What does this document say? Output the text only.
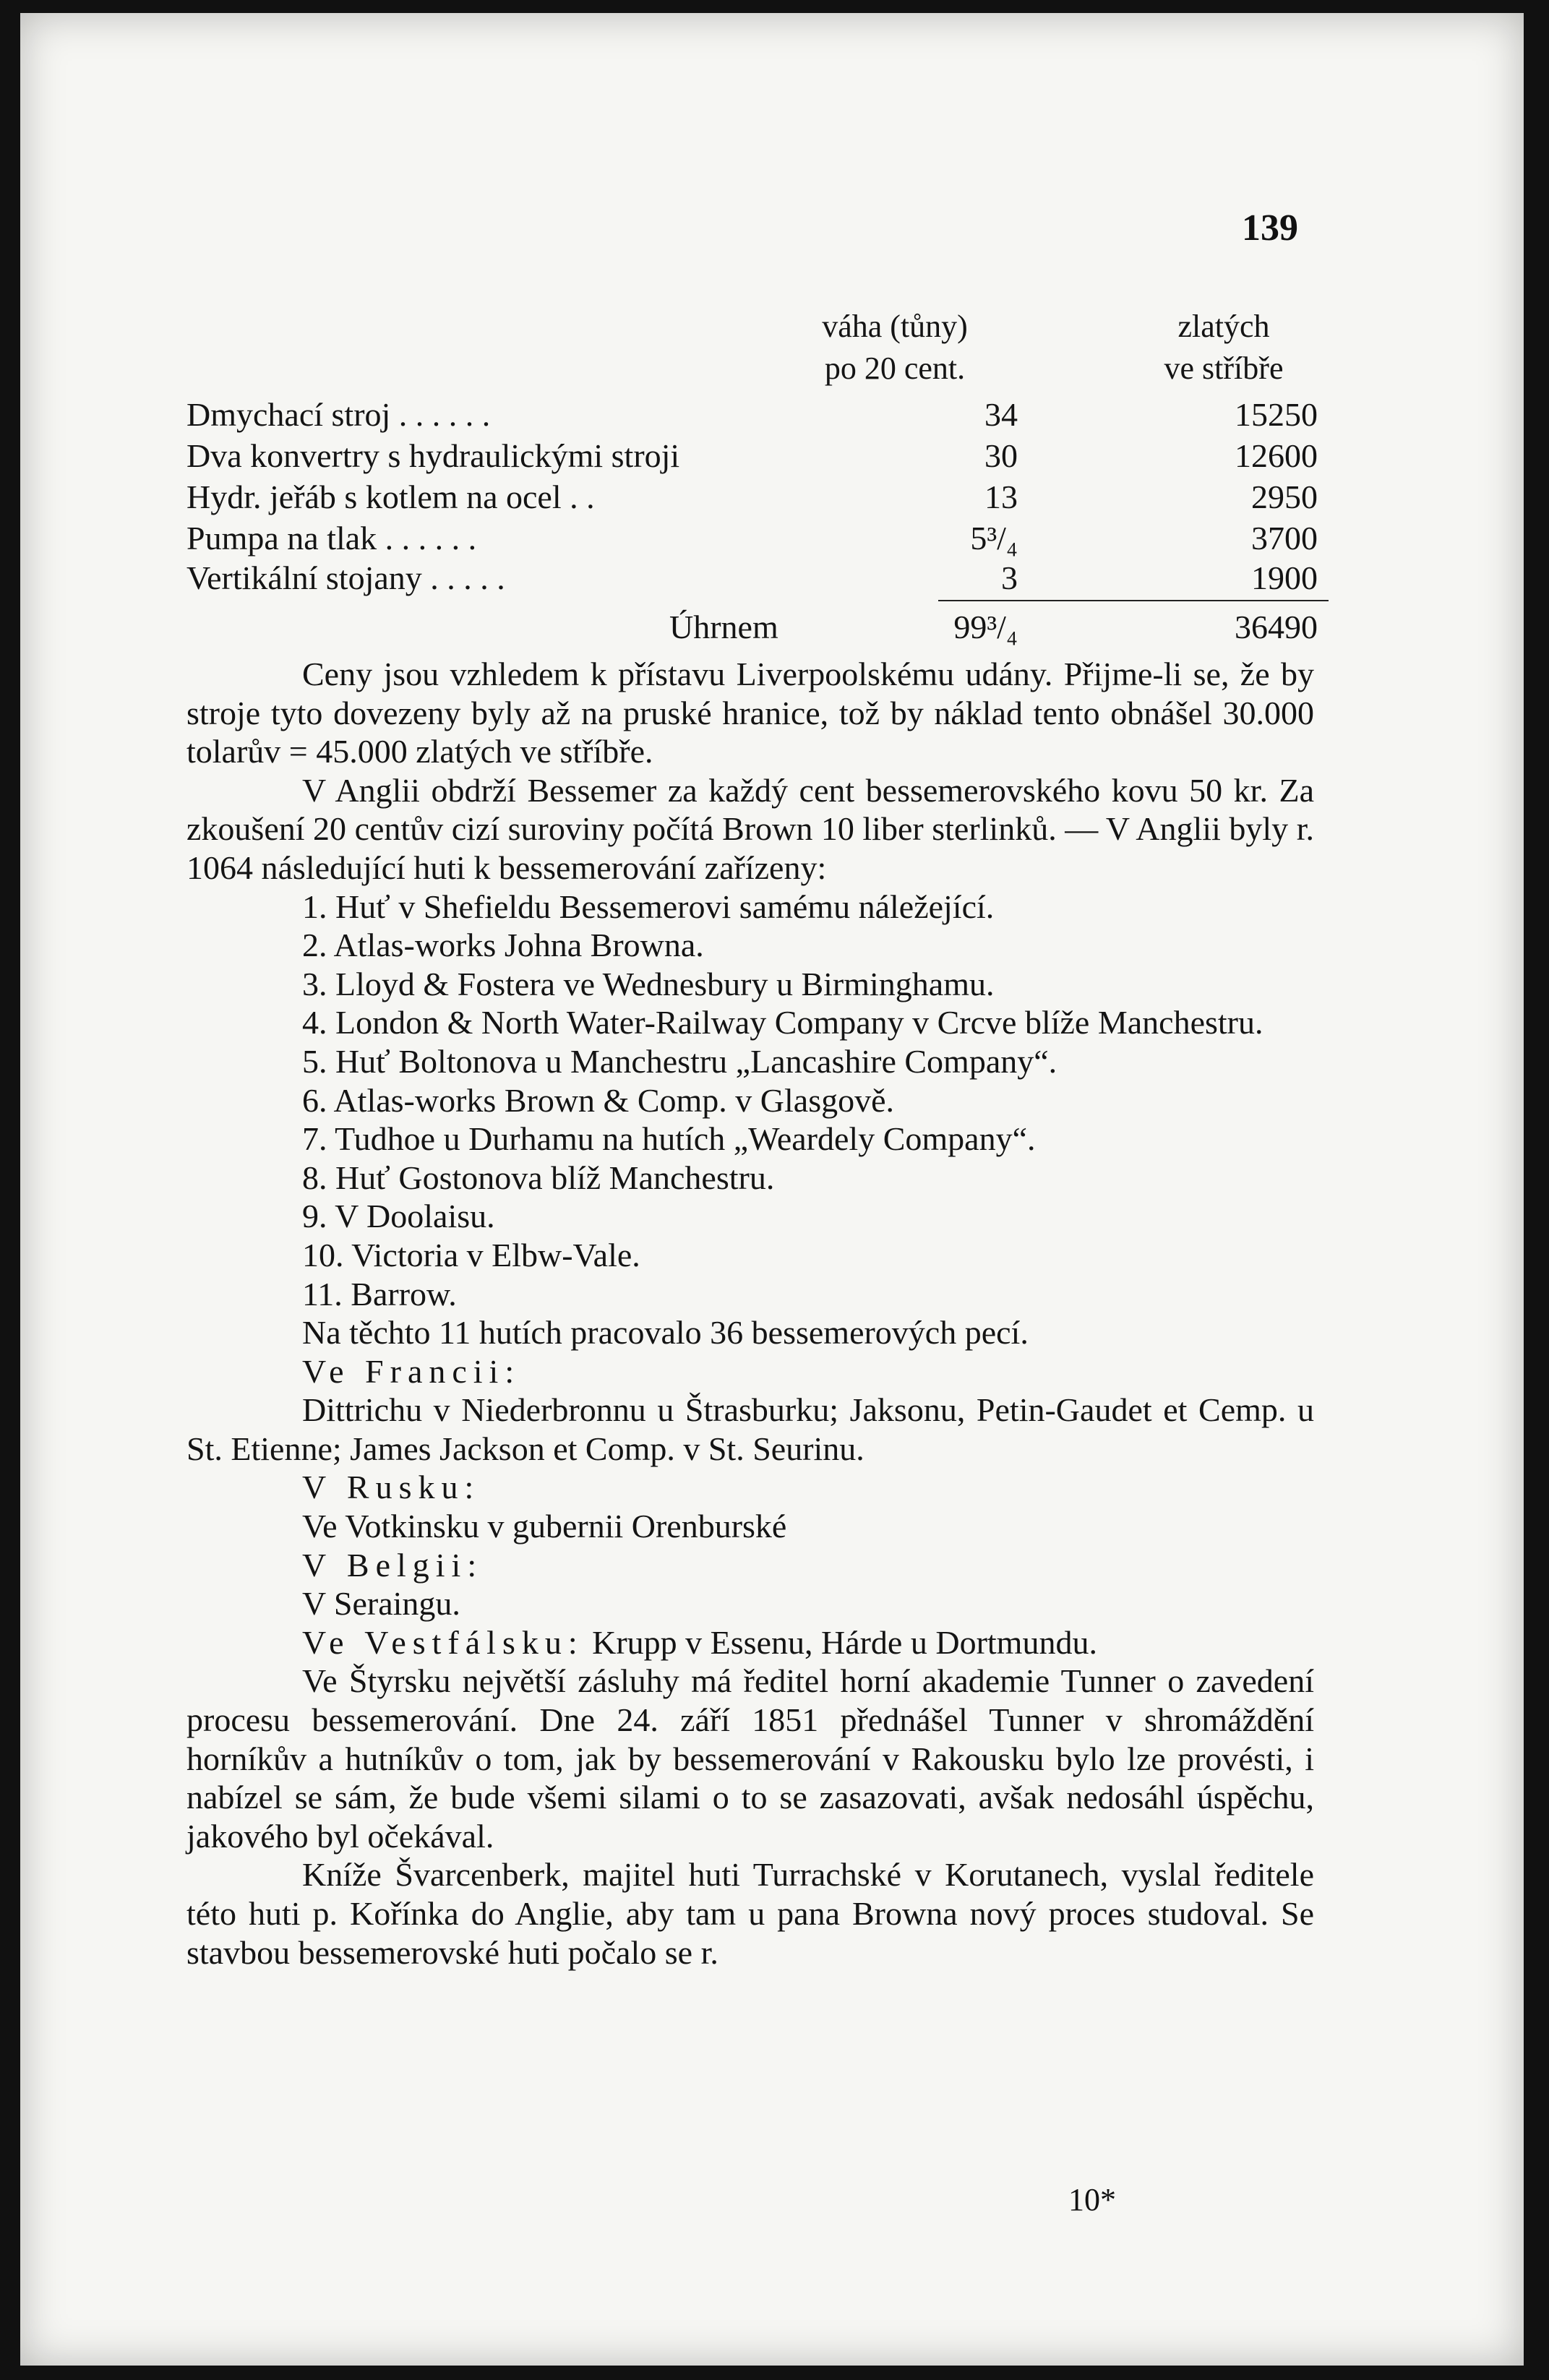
139
váha (tůny)
po 20 cent.
zlatých
ve stříbře
Dmychací stroj . . . . . .	34	15250
Dva konvertry s hydraulickými stroji	30	12600
Hydr. jeřáb s kotlem na ocel . .	13	2950
Pumpa na tlak . . . . . .	5³/₄	3700
Vertikální stojany . . . . .	3	1900
Úhrnem	99³/₄	36490

Ceny jsou vzhledem k přístavu Liverpoolskému udány. Přijme-li se, že by stroje tyto dovezeny byly až na pruské hranice, tož by náklad tento obnášel 30.000 tolarův = 45.000 zlatých ve stříbře.

V Anglii obdrží Bessemer za každý cent bessemerovského kovu 50 kr. Za zkoušení 20 centův cizí suroviny počítá Brown 10 liber sterlinků. — V Anglii byly r. 1064 následující huti k bessemerování zařízeny:

1. Huť v Shefieldu Bessemerovi samému náležející.

2. Atlas-works Johna Browna.

3. Lloyd & Fostera ve Wednesbury u Birminghamu.

4. London & North Water-Railway Company v Crcve blíže Manchestru.

5. Huť Boltonova u Manchestru „Lancashire Company“.

6. Atlas-works Brown & Comp. v Glasgově.

7. Tudhoe u Durhamu na hutích „Weardely Company“.

8. Huť Gostonova blíž Manchestru.

9. V Doolaisu.

10. Victoria v Elbw-Vale.

11. Barrow.

Na těchto 11 hutích pracovalo 36 bessemerových pecí.

Ve Francii:

Dittrichu v Niederbronnu u Štrasburku; Jaksonu, Petin-Gaudet et Cemp. u St. Etienne; James Jackson et Comp. v St. Seurinu.

V Rusku:

Ve Votkinsku v gubernii Orenburské

V Belgii:

V Seraingu.

Ve Vestfálsku: Krupp v Essenu, Hárde u Dortmundu.

Ve Štyrsku největší zásluhy má ředitel horní akademie Tunner o zavedení procesu bessemerování. Dne 24. září 1851 přednášel Tunner v shromáždění horníkův a hutníkův o tom, jak by bessemerování v Rakousku bylo lze provésti, i nabízel se sám, že bude všemi silami o to se zasazovati, avšak nedosáhl úspěchu, jakového byl očekával.

Kníže Švarcenberk, majitel huti Turrachské v Korutanech, vyslal ředitele této huti p. Kořínka do Anglie, aby tam u pana Browna nový proces studoval. Se stavbou bessemerovské huti počalo se r.

10*
